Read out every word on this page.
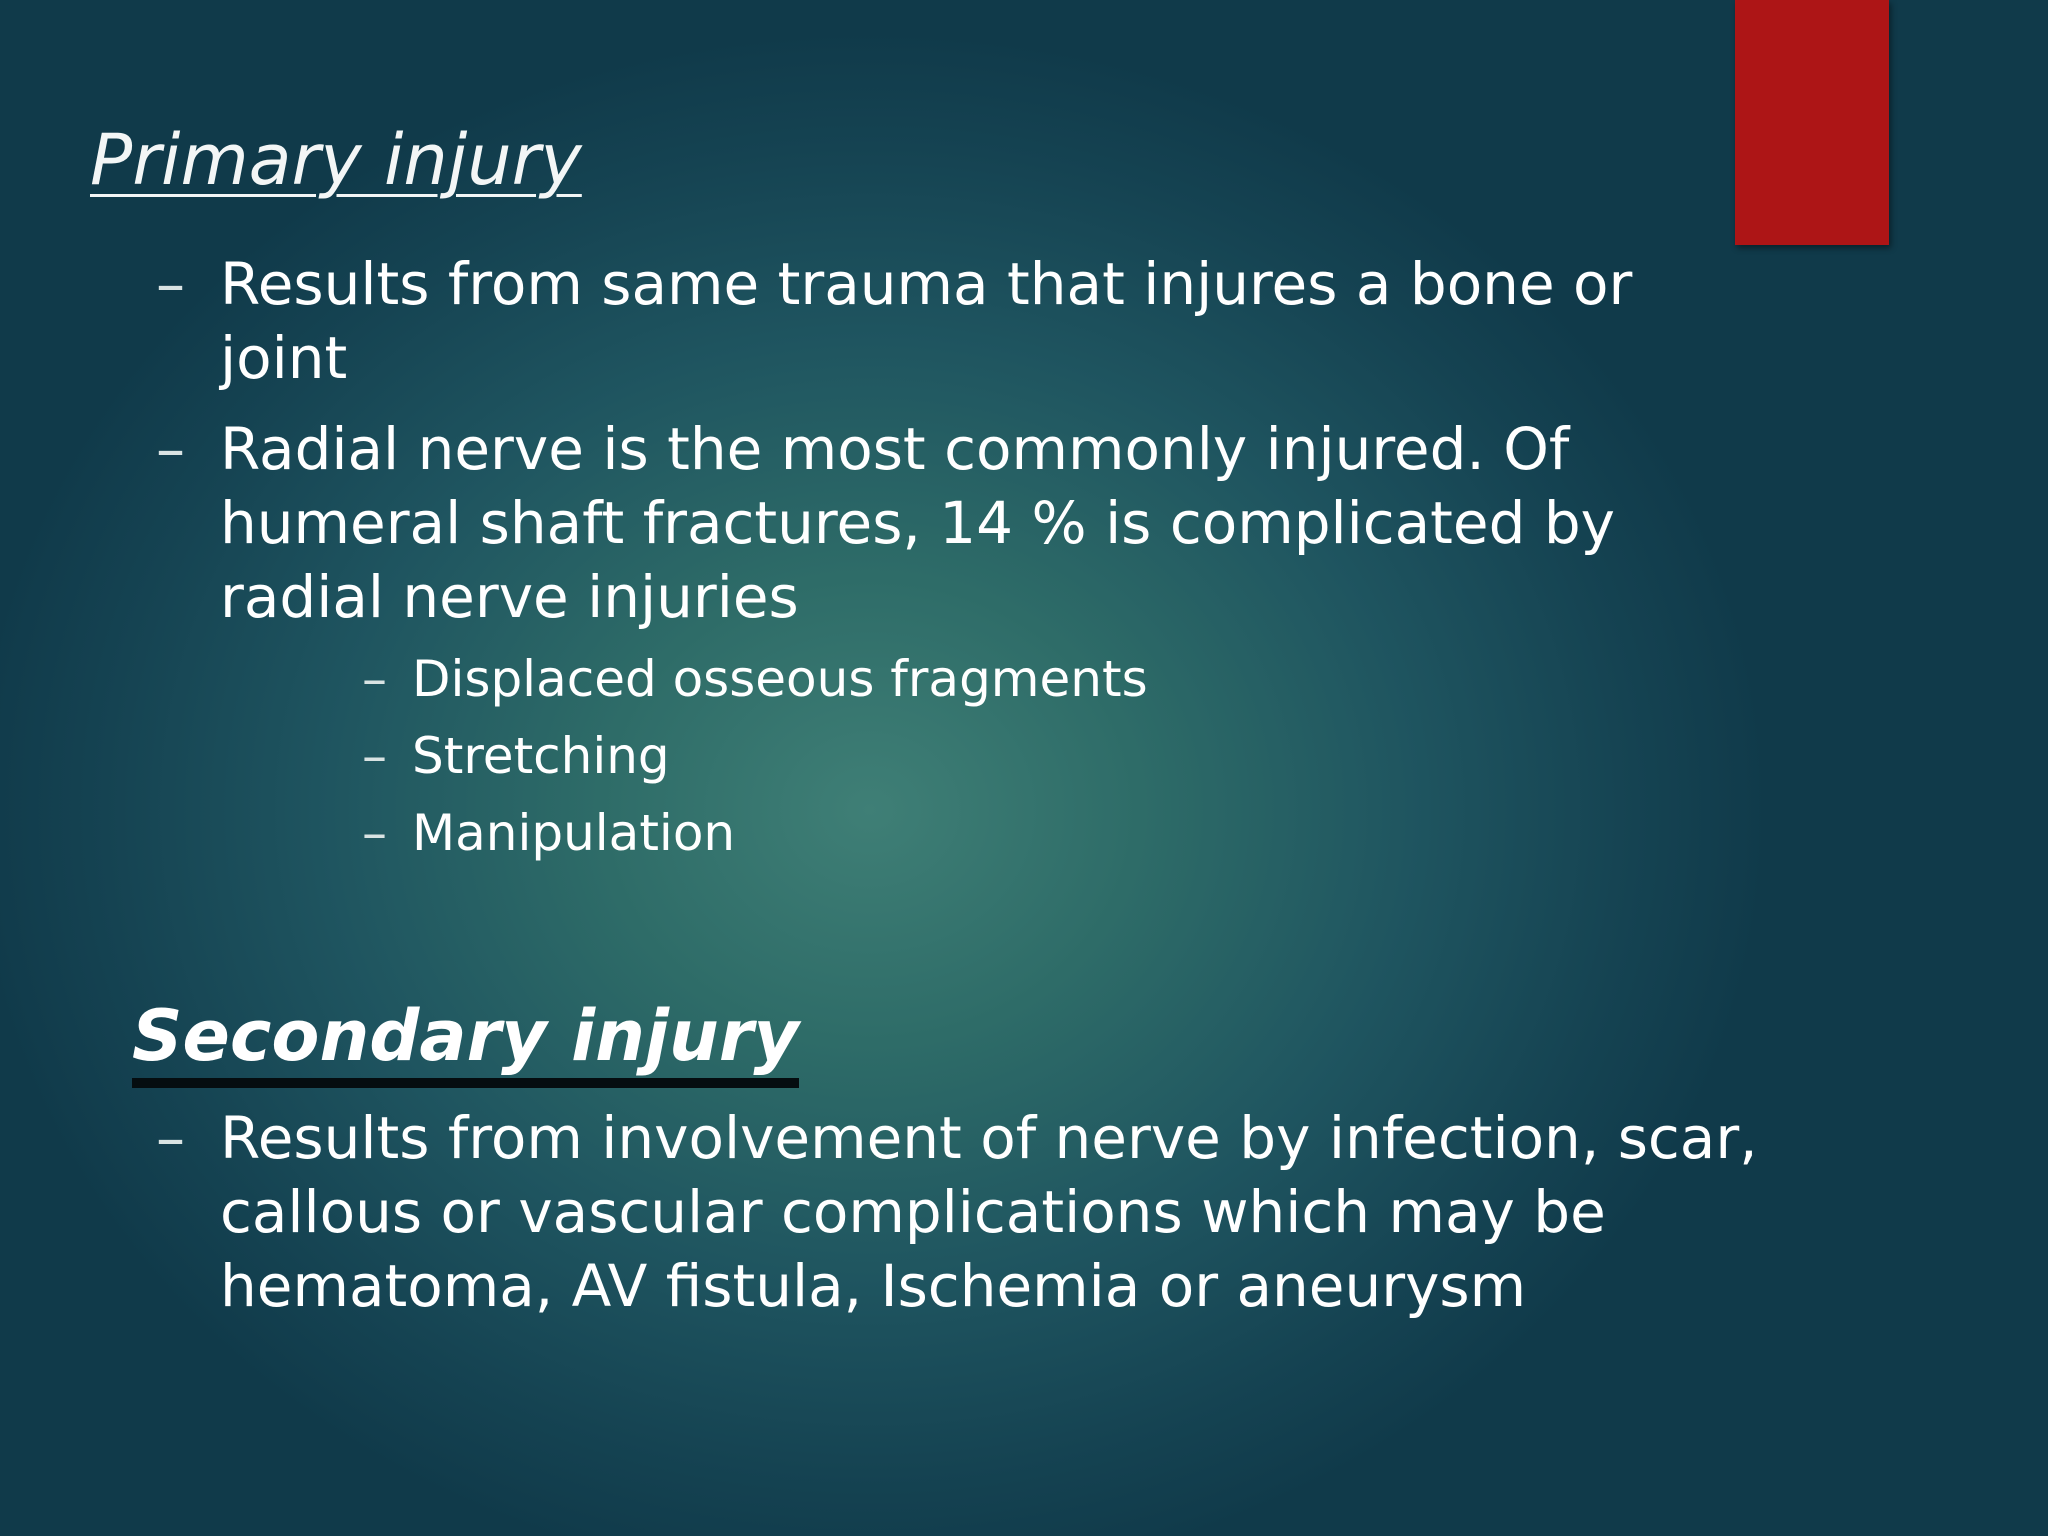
Primary injury
– Results from same trauma that injures a bone or
joint
– Radial nerve is the most commonly injured. Of
humeral shaft fractures, 14 % is complicated by
radial nerve injuries
– Displaced osseous fragments
– Stretching
– Manipulation
Secondary injury
– Results from involvement of nerve by infection, scar,
callous or vascular complications which may be
hematoma, AV fistula, Ischemia or aneurysm
